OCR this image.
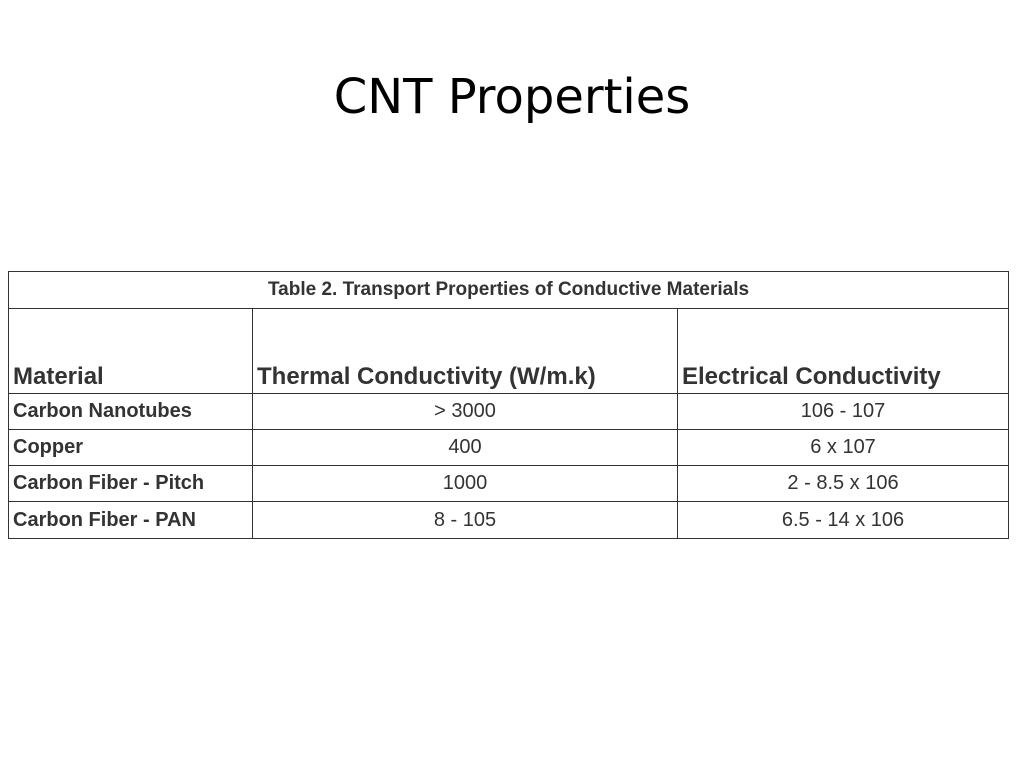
CNT Properties
Table 2. Transport Properties of Conductive Materials		
Material	Thermal Conductivity (W/m.k)	Electrical Conductivity
Carbon Nanotubes	> 3000	106 - 107
Copper	400	6 x 107
Carbon Fiber - Pitch	1000	2 - 8.5 x 106
Carbon Fiber - PAN	8 - 105	6.5 - 14 x 106
